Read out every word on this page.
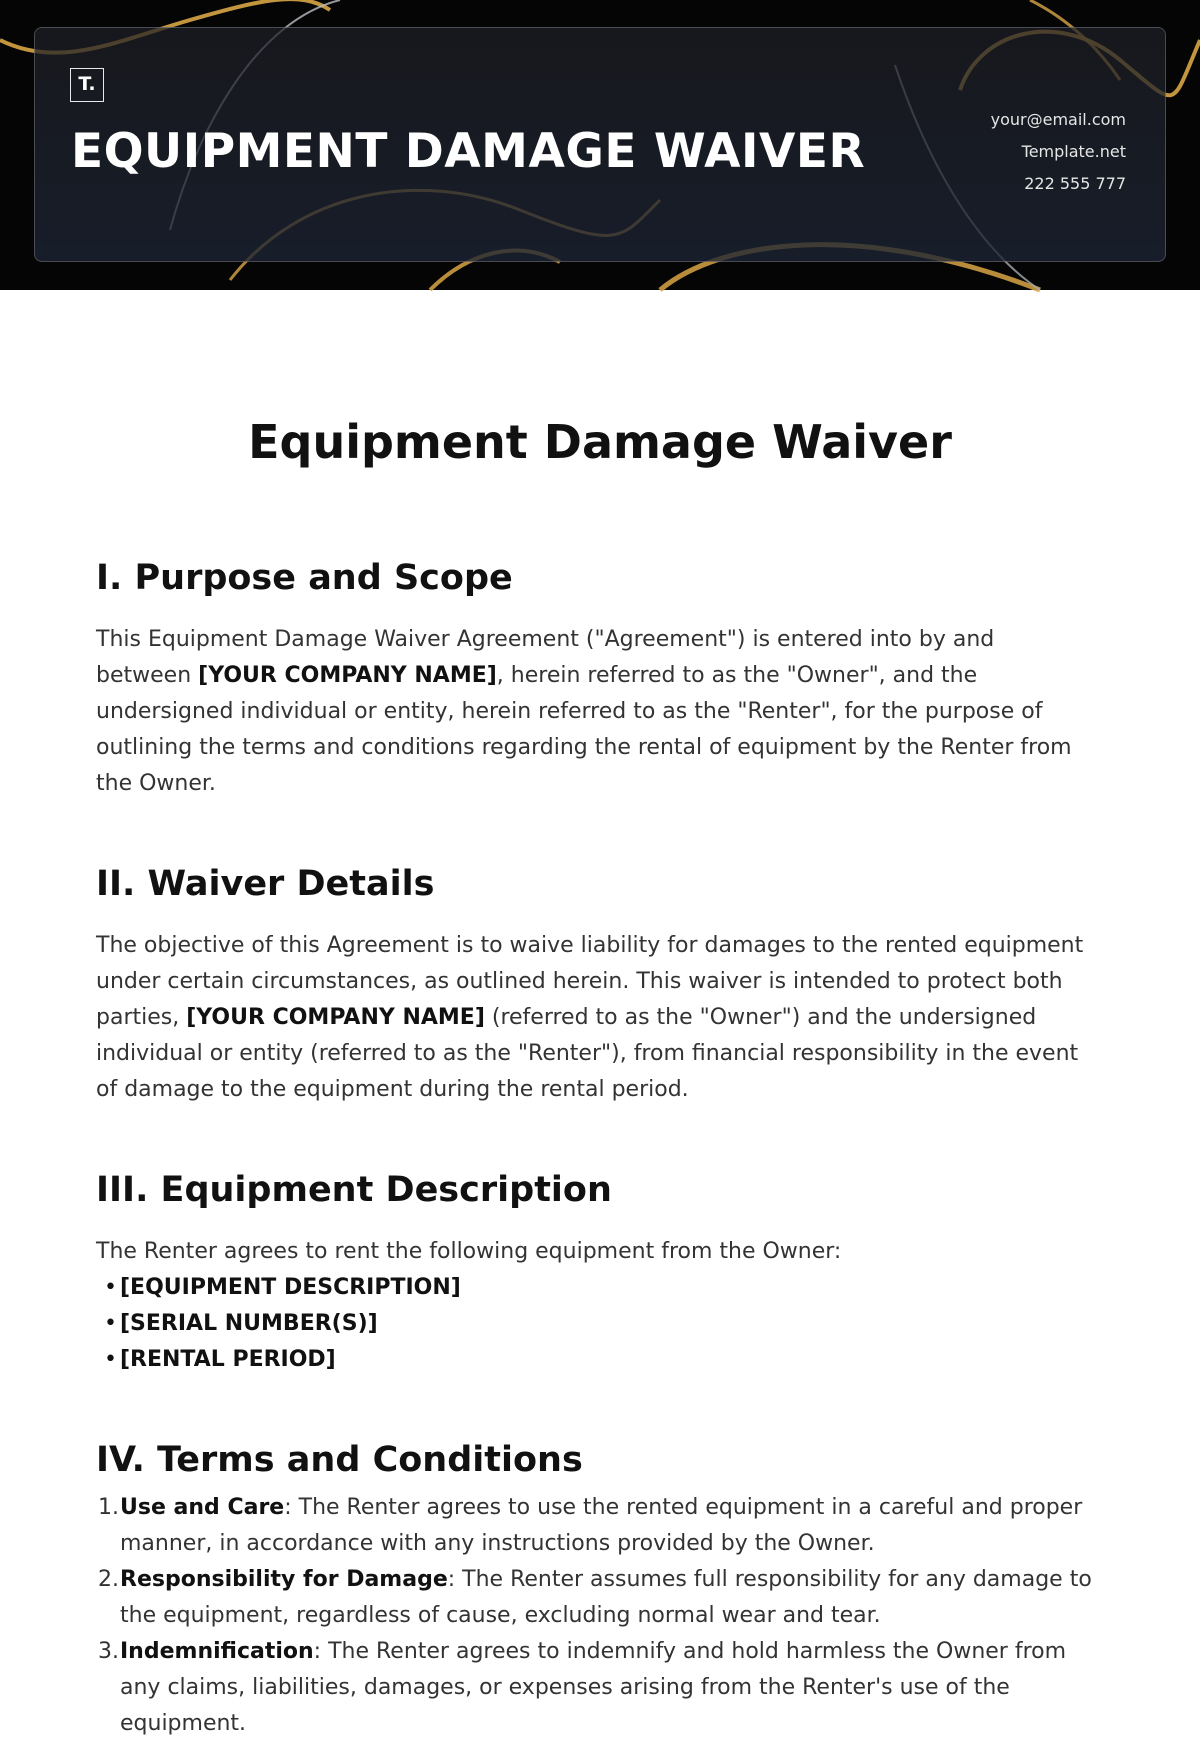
T.
EQUIPMENT DAMAGE WAIVER
your@email.com
Template.net
222 555 777
Equipment Damage Waiver
I. Purpose and Scope

This Equipment Damage Waiver Agreement ("Agreement") is entered into by and between [YOUR COMPANY NAME], herein referred to as the "Owner", and the undersigned individual or entity, herein referred to as the "Renter", for the purpose of outlining the terms and conditions regarding the rental of equipment by the Renter from the Owner.

II. Waiver Details

The objective of this Agreement is to waive liability for damages to the rented equipment under certain circumstances, as outlined herein. This waiver is intended to protect both parties, [YOUR COMPANY NAME] (referred to as the "Owner") and the undersigned individual or entity (referred to as the "Renter"), from financial responsibility in the event of damage to the equipment during the rental period.

III. Equipment Description

The Renter agrees to rent the following equipment from the Owner:

• [EQUIPMENT DESCRIPTION]
• [SERIAL NUMBER(S)]
• [RENTAL PERIOD]
IV. Terms and Conditions
1. Use and Care: The Renter agrees to use the rented equipment in a careful and proper manner, in accordance with any instructions provided by the Owner.
2. Responsibility for Damage: The Renter assumes full responsibility for any damage to the equipment, regardless of cause, excluding normal wear and tear.
3. Indemnification: The Renter agrees to indemnify and hold harmless the Owner from any claims, liabilities, damages, or expenses arising from the Renter's use of the equipment.
